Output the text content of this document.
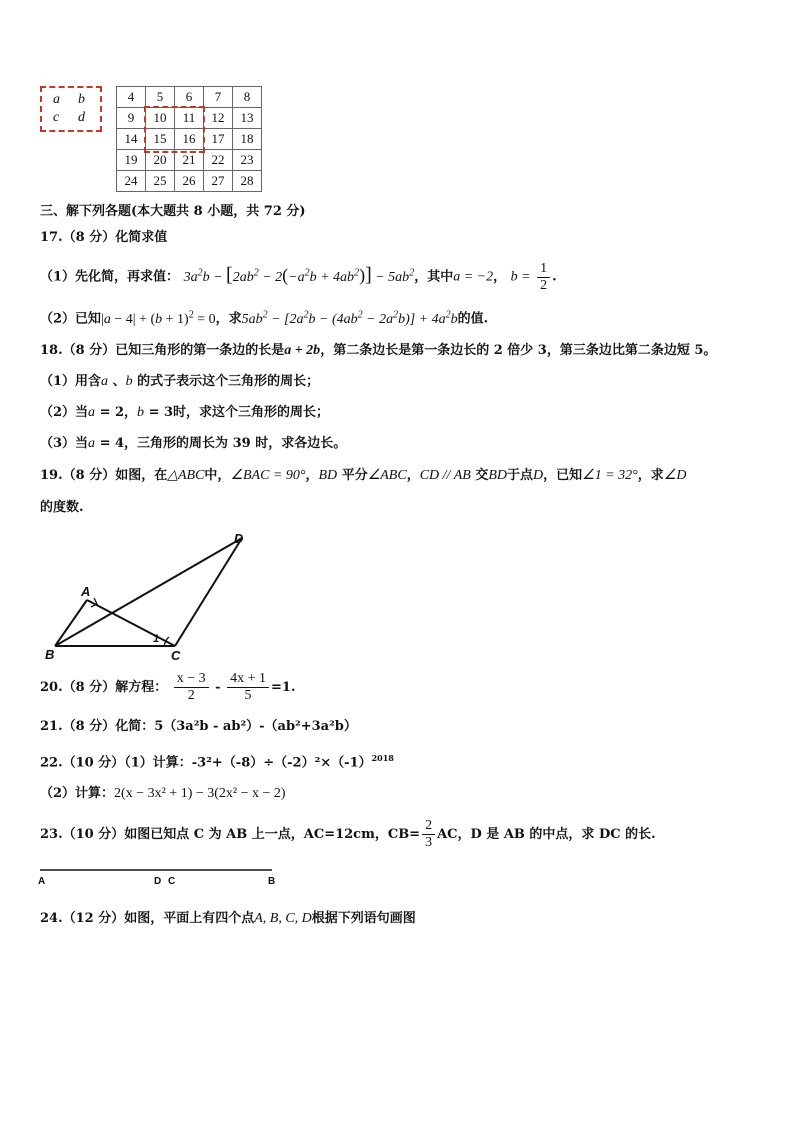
a b
c d
4	5	6	7	8
9	10	11	12	13
14	15	16	17	18
19	20	21	22	23
24	25	26	27	28
三、解下列各题(本大题共 8 小题，共 72 分)
17.（8 分）化简求值
（1）先化简，再求值： $3a^2b - [2ab^2 - 2(-a^2b + 4ab^2)] - 5ab^2$，其中a = −2， $b = \frac{1}{2}$ .
（2）已知$|a - 4| + (b + 1)^2 = 0$，求$5ab^2 - [2a^2b - (4ab^2 - 2a^2b)] + 4a^2b$的值.
18.（8 分）已知三角形的第一条边的长是a + 2b，第二条边长是第一条边长的 2 倍少 3，第三条边比第二条边短 5。
（1）用含a 、b 的式子表示这个三角形的周长；
（2）当a = 2，b = 3时，求这个三角形的周长；
（3）当a = 4，三角形的周长为 39 时，求各边长。
19.（8 分）如图，在△ABC中，∠BAC = 90°，BD 平分∠ABC，CD // AB 交BD于点D，已知∠1 = 32°，求∠D
的度数.
B
A
C
D
1
20.（8 分）解方程： $\frac{x - 3}{2} - \frac{4x + 1}{5} =1$.
21.（8 分）化简：5（3a²b - ab²）-（ab²+3a²b）
22.（10 分）（1）计算：$-3^2+(-8)\div(-2)^2\times(-1)^{2018}$
（2）计算：2(x − 3x² + 1) − 3(2x² − x − 2)
23.（10 分）如图已知点 C 为 AB 上一点，AC=12cm，$CB= \frac{2}{3}$ AC，D 是 AB 的中点，求 DC 的长.
A	D C	B
24.（12 分）如图，平面上有四个点A, B, C, D根据下列语句画图
